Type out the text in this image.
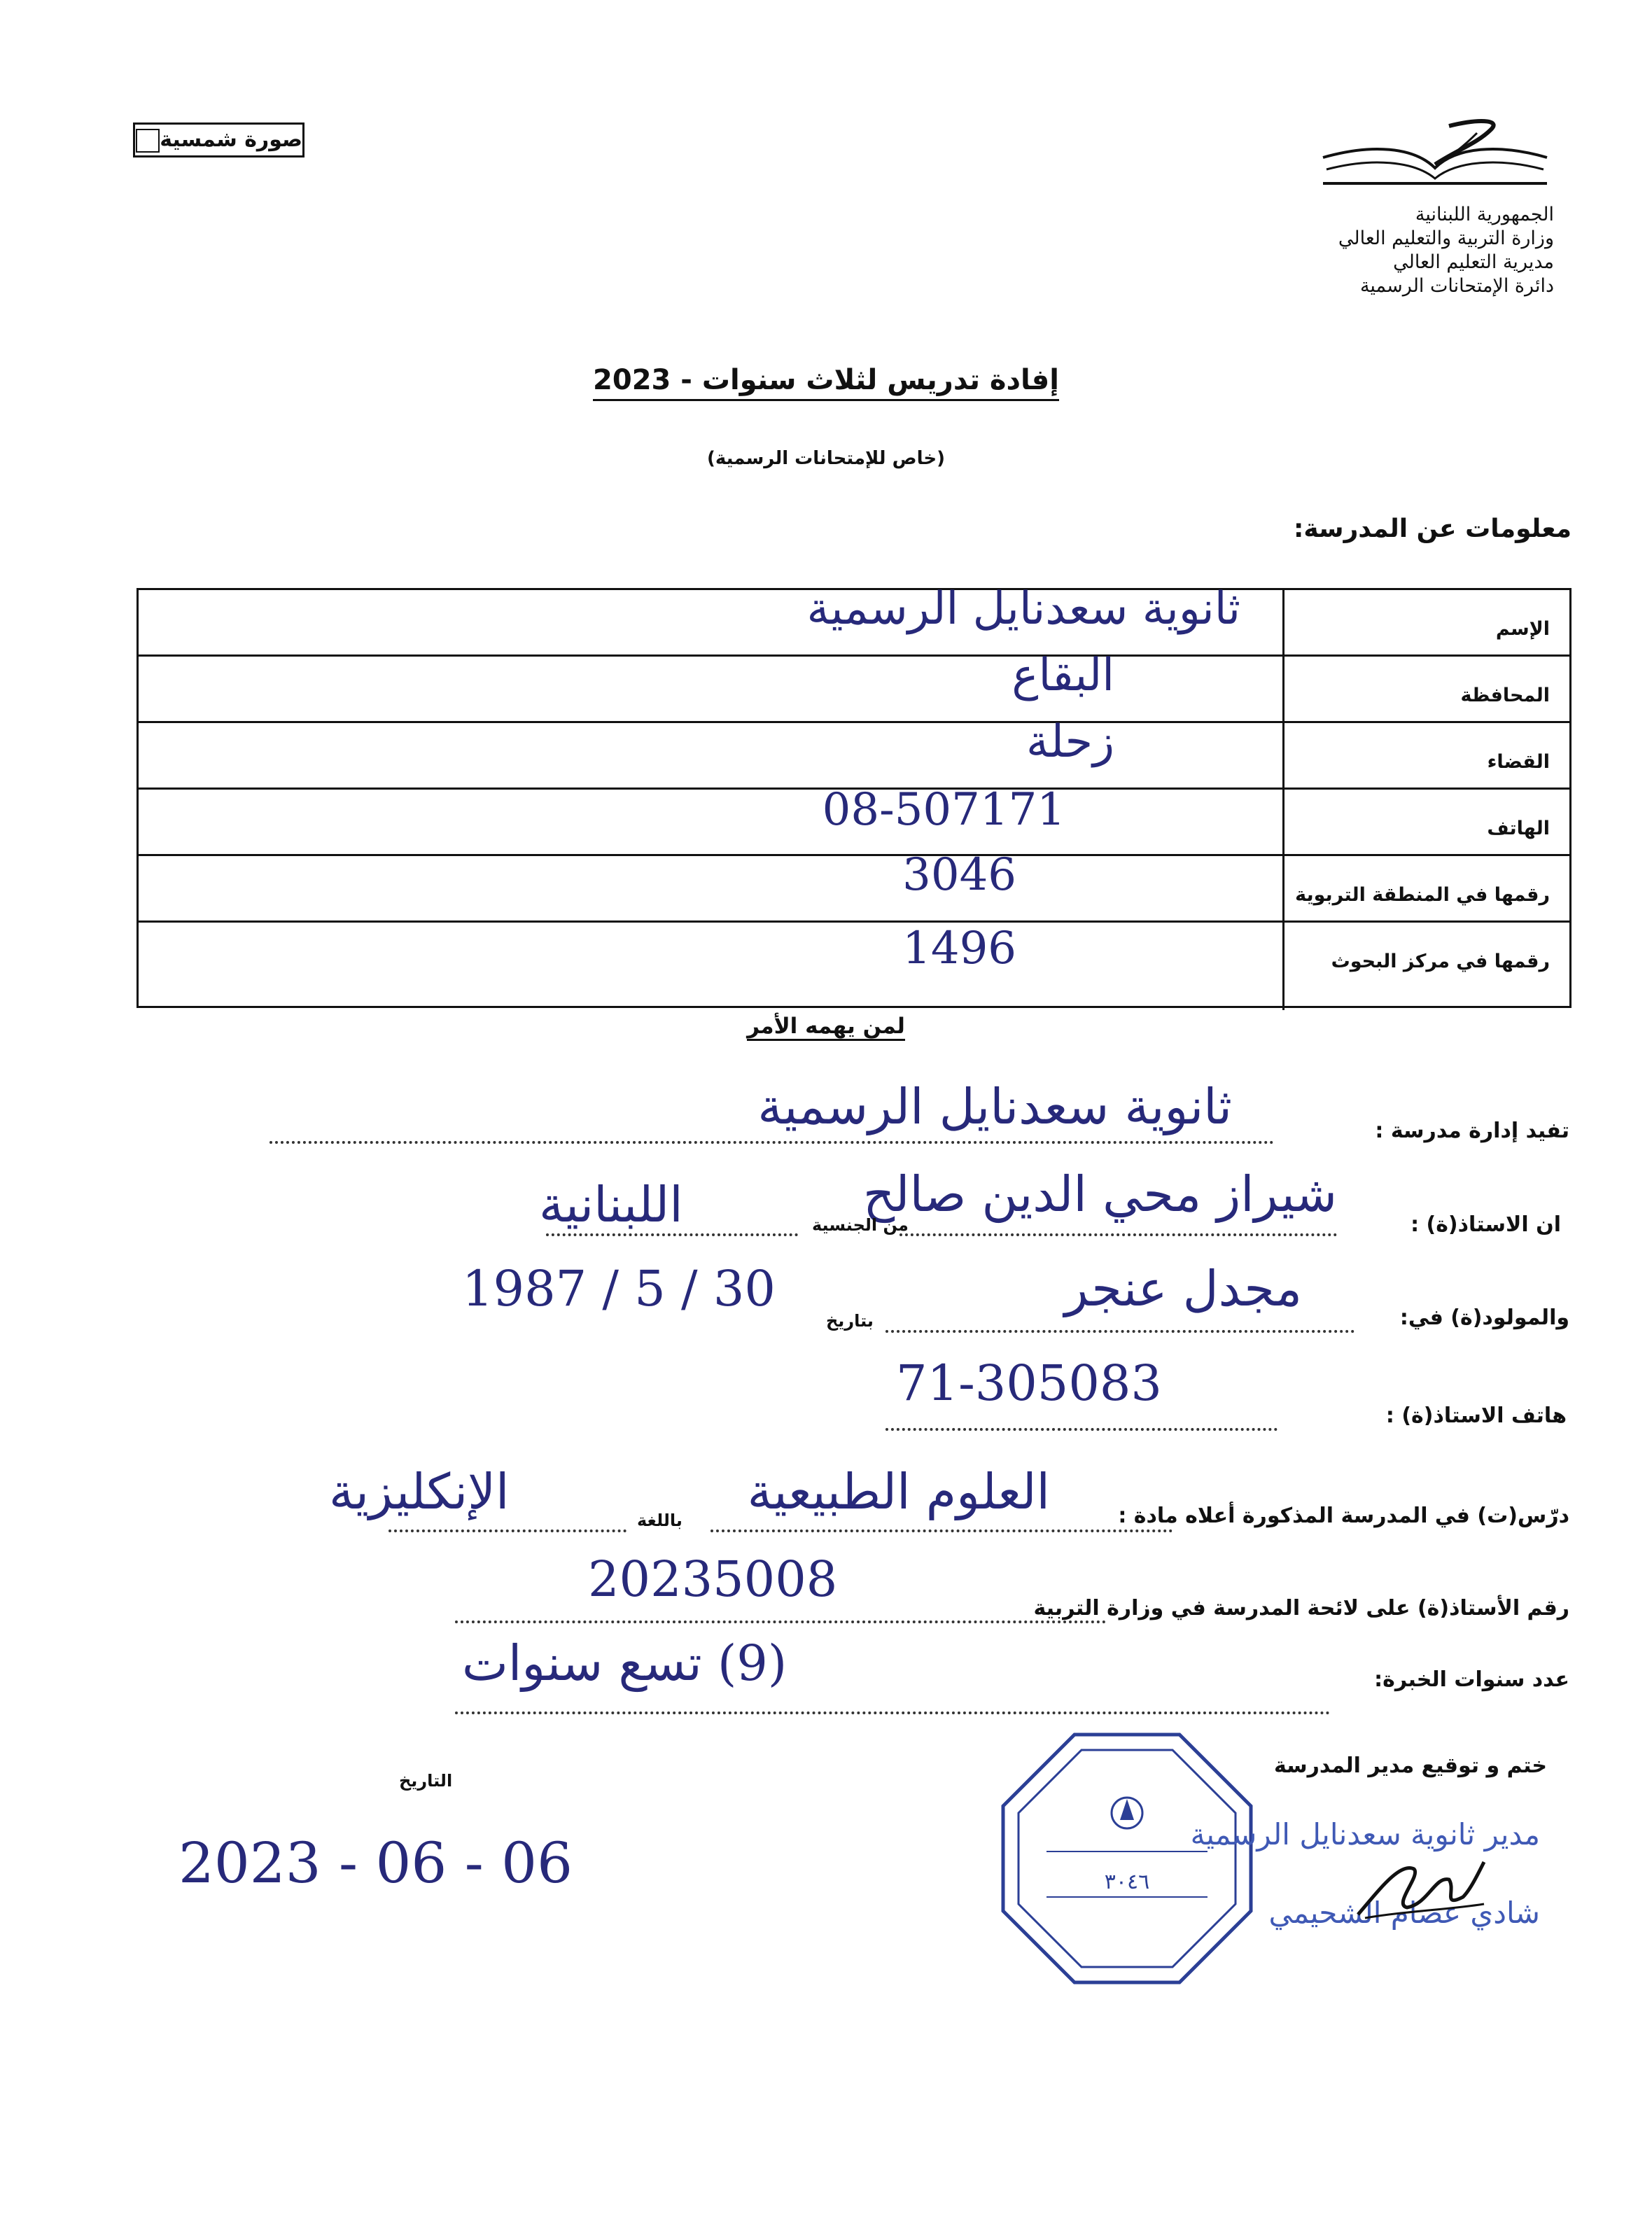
صورة شمسية
الجمهورية اللبنانية
وزارة التربية والتعليم العالي
مديرية التعليم العالي
دائرة الإمتحانات الرسمية
إفادة تدريس لثلاث سنوات - 2023
(خاص للإمتحانات الرسمية)
معلومات عن المدرسة:
الإسم
ثانوية سعدنايل الرسمية
المحافظة
البقاع
القضاء
زحلة
الهاتف
08-507171
رقمها في المنطقة التربوية
3046
رقمها في مركز البحوث
1496
لمن يهمه الأمر
تفيد إدارة مدرسة :
ثانوية سعدنايل الرسمية
ان الاستاذ(ة) :
شيراز محي الدين صالح
من الجنسية
اللبنانية
والمولود(ة) في:
مجدل عنجر
بتاريخ
1987 / 5 / 30
هاتف الاستاذ(ة) :
71-305083
درّس(ت) في المدرسة المذكورة أعلاه مادة :
العلوم الطبيعية
باللغة
الإنكليزية
رقم الأستاذ(ة) على لائحة المدرسة في وزارة التربية
20235008
عدد سنوات الخبرة:
(9) تسع سنوات
ختم و توقيع مدير المدرسة
التاريخ
2023 - 06 - 06	٣٠٤٦
مدير ثانوية سعدنايل الرسمية
شادي عصام الشحيمي
